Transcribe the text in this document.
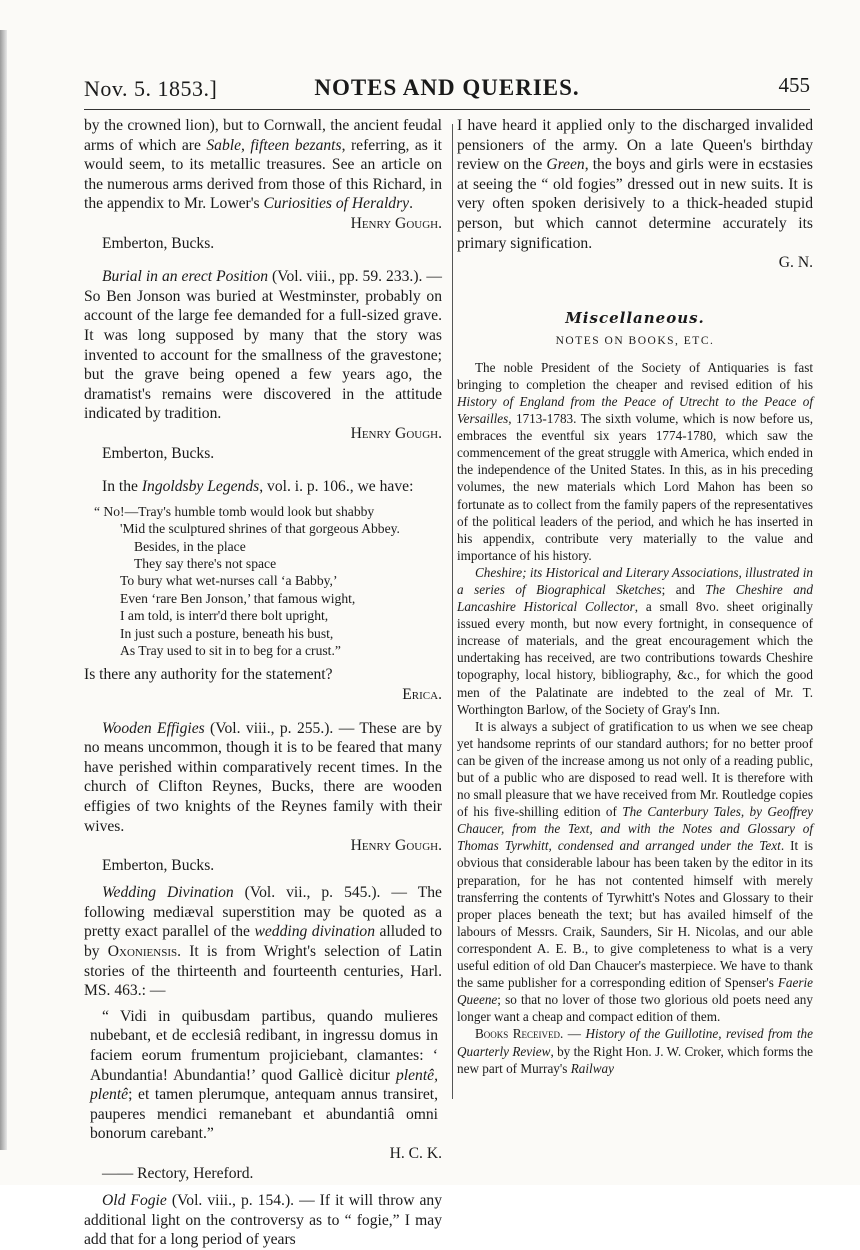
Nov. 5. 1853.]	NOTES AND QUERIES.	455

by the crowned lion), but to Cornwall, the ancient feudal arms of which are Sable, fifteen bezants, referring, as it would seem, to its metallic treasures. See an article on the numerous arms derived from those of this Richard, in the appendix to Mr. Lower's Curiosities of Heraldry.

Henry Gough.
Emberton, Bucks.

Burial in an erect Position (Vol. viii., pp. 59. 233.). — So Ben Jonson was buried at Westminster, probably on account of the large fee demanded for a full-sized grave. It was long supposed by many that the story was invented to account for the smallness of the gravestone; but the grave being opened a few years ago, the dramatist's remains were discovered in the attitude indicated by tradition.

Henry Gough.
Emberton, Bucks.

In the Ingoldsby Legends, vol. i. p. 106., we have:

“ No!—Tray's humble tomb would look but shabby
'Mid the sculptured shrines of that gorgeous Abbey.
Besides, in the place
They say there's not space
To bury what wet-nurses call ‘a Babby,’
Even ‘rare Ben Jonson,’ that famous wight,
I am told, is interr'd there bolt upright,
In just such a posture, beneath his bust,
As Tray used to sit in to beg for a crust.”

Is there any authority for the statement?

Erica.

Wooden Effigies (Vol. viii., p. 255.). — These are by no means uncommon, though it is to be feared that many have perished within comparatively recent times. In the church of Clifton Reynes, Bucks, there are wooden effigies of two knights of the Reynes family with their wives.

Henry Gough.
Emberton, Bucks.

Wedding Divination (Vol. vii., p. 545.). — The following mediæval superstition may be quoted as a pretty exact parallel of the wedding divination alluded to by Oxoniensis. It is from Wright's selection of Latin stories of the thirteenth and fourteenth centuries, Harl. MS. 463.: —

“ Vidi in quibusdam partibus, quando mulieres nubebant, et de ecclesiâ redibant, in ingressu domus in faciem eorum frumentum projiciebant, clamantes: ‘ Abundantia! Abundantia!’ quod Gallicè dicitur plentê, plentê; et tamen plerumque, antequam annus transiret, pauperes mendici remanebant et abundantiâ omni bonorum carebant.”

H. C. K.
—— Rectory, Hereford.

Old Fogie (Vol. viii., p. 154.). — If it will throw any additional light on the controversy as to “ fogie,” I may add that for a long period of years

I have heard it applied only to the discharged invalided pensioners of the army. On a late Queen's birthday review on the Green, the boys and girls were in ecstasies at seeing the “ old fogies” dressed out in new suits. It is very often spoken derisively to a thick-headed stupid person, but which cannot determine accurately its primary signification.

G. N.
Miscellaneous.
NOTES ON BOOKS, ETC.

The noble President of the Society of Antiquaries is fast bringing to completion the cheaper and revised edition of his History of England from the Peace of Utrecht to the Peace of Versailles, 1713-1783. The sixth volume, which is now before us, embraces the eventful six years 1774-1780, which saw the commencement of the great struggle with America, which ended in the independence of the United States. In this, as in his preceding volumes, the new materials which Lord Mahon has been so fortunate as to collect from the family papers of the representatives of the political leaders of the period, and which he has inserted in his appendix, contribute very materially to the value and importance of his history.

Cheshire; its Historical and Literary Associations, illustrated in a series of Biographical Sketches; and The Cheshire and Lancashire Historical Collector, a small 8vo. sheet originally issued every month, but now every fortnight, in consequence of increase of materials, and the great encouragement which the undertaking has received, are two contributions towards Cheshire topography, local history, bibliography, &c., for which the good men of the Palatinate are indebted to the zeal of Mr. T. Worthington Barlow, of the Society of Gray's Inn.

It is always a subject of gratification to us when we see cheap yet handsome reprints of our standard authors; for no better proof can be given of the increase among us not only of a reading public, but of a public who are disposed to read well. It is therefore with no small pleasure that we have received from Mr. Routledge copies of his five-shilling edition of The Canterbury Tales, by Geoffrey Chaucer, from the Text, and with the Notes and Glossary of Thomas Tyrwhitt, condensed and arranged under the Text. It is obvious that considerable labour has been taken by the editor in its preparation, for he has not contented himself with merely transferring the contents of Tyrwhitt's Notes and Glossary to their proper places beneath the text; but has availed himself of the labours of Messrs. Craik, Saunders, Sir H. Nicolas, and our able correspondent A. E. B., to give completeness to what is a very useful edition of old Dan Chaucer's masterpiece. We have to thank the same publisher for a corresponding edition of Spenser's Faerie Queene; so that no lover of those two glorious old poets need any longer want a cheap and compact edition of them.

Books Received. — History of the Guillotine, revised from the Quarterly Review, by the Right Hon. J. W. Croker, which forms the new part of Murray's Railway
